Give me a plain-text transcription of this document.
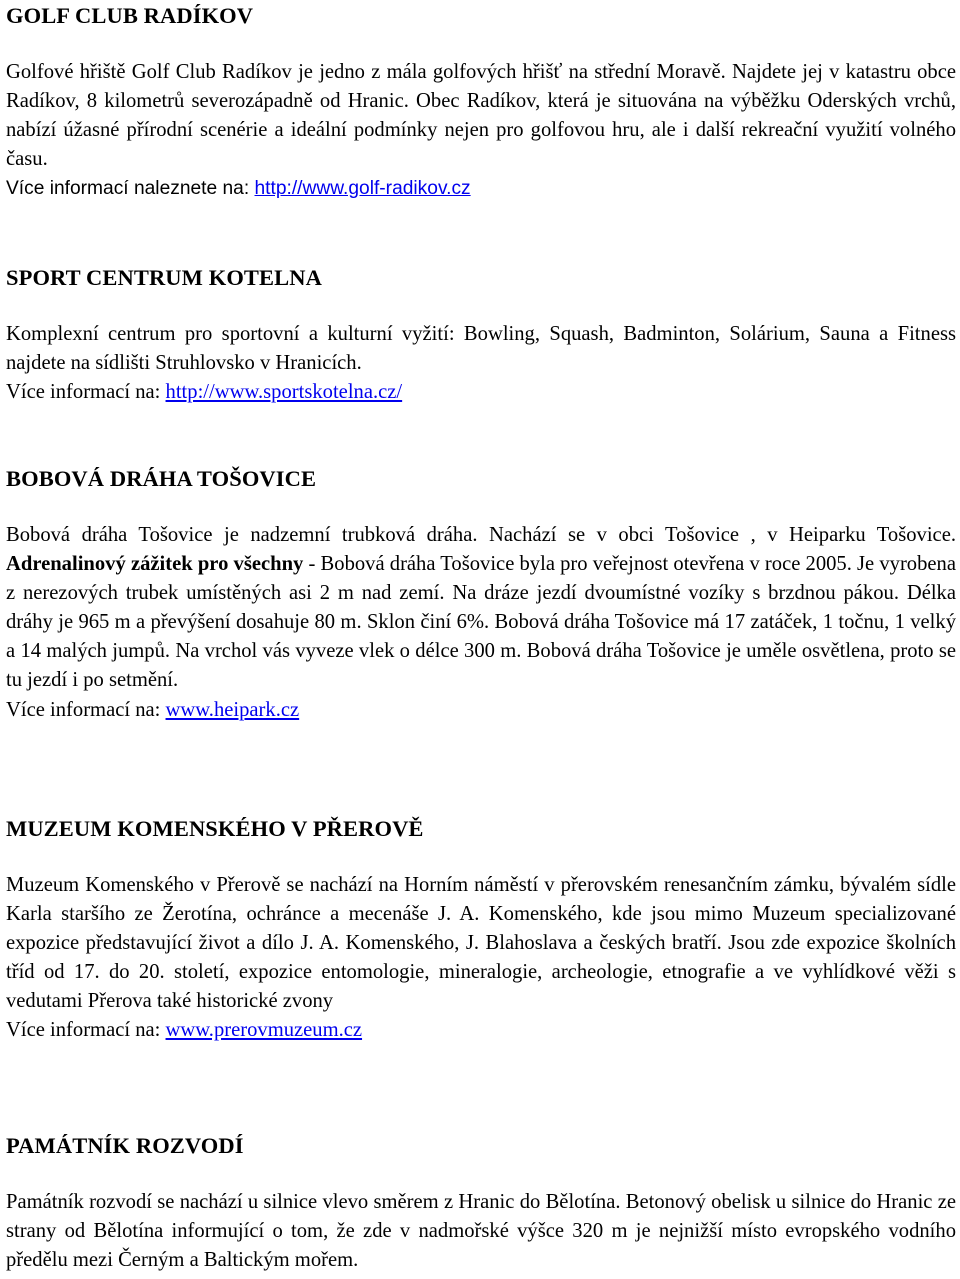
GOLF CLUB RADÍKOV

Golfové hřiště Golf Club Radíkov je jedno z mála golfových hřišť na střední Moravě. Najdete jej v katastru obce Radíkov, 8 kilometrů severozápadně od Hranic. Obec Radíkov, která je situována na výběžku Oderských vrchů, nabízí úžasné přírodní scenérie a ideální podmínky nejen pro golfovou hru, ale i další rekreační využití volného času.
Více informací naleznete na: http://www.golf-radikov.cz

SPORT CENTRUM KOTELNA

Komplexní centrum pro sportovní a kulturní vyžití: Bowling, Squash, Badminton, Solárium, Sauna a Fitness najdete na sídlišti Struhlovsko v Hranicích.
Více informací na: http://www.sportskotelna.cz/

BOBOVÁ DRÁHA TOŠOVICE

Bobová dráha Tošovice je nadzemní trubková dráha. Nachází se v obci Tošovice , v Heiparku Tošovice. Adrenalinový zážitek pro všechny - Bobová dráha Tošovice byla pro veřejnost otevřena v roce 2005. Je vyrobena z nerezových trubek umístěných asi 2 m nad zemí. Na dráze jezdí dvoumístné vozíky s brzdnou pákou. Délka dráhy je 965 m a převýšení dosahuje 80 m. Sklon činí 6%. Bobová dráha Tošovice má 17 zatáček, 1 točnu, 1 velký a 14 malých jumpů. Na vrchol vás vyveze vlek o délce 300 m. Bobová dráha Tošovice je uměle osvětlena, proto se tu jezdí i po setmění.
Více informací na: www.heipark.cz

MUZEUM KOMENSKÉHO V PŘEROVĚ

Muzeum Komenského v Přerově se nachází na Horním náměstí v přerovském renesančním zámku, bývalém sídle Karla staršího ze Žerotína, ochránce a mecenáše J. A. Komenského, kde jsou mimo Muzeum specializované expozice představující život a dílo J. A. Komenského, J. Blahoslava a českých bratří. Jsou zde expozice školních tříd od 17. do 20. století, expozice entomologie, mineralogie, archeologie, etnografie a ve vyhlídkové věži s vedutami Přerova také historické zvony
Více informací na: www.prerovmuzeum.cz

PAMÁTNÍK ROZVODÍ

Památník rozvodí se nachází u silnice vlevo směrem z Hranic do Bělotína. Betonový obelisk u silnice do Hranic ze strany od Bělotína informující o tom, že zde v nadmořské výšce 320 m je nejnižší místo evropského vodního předělu mezi Černým a Baltickým mořem.
